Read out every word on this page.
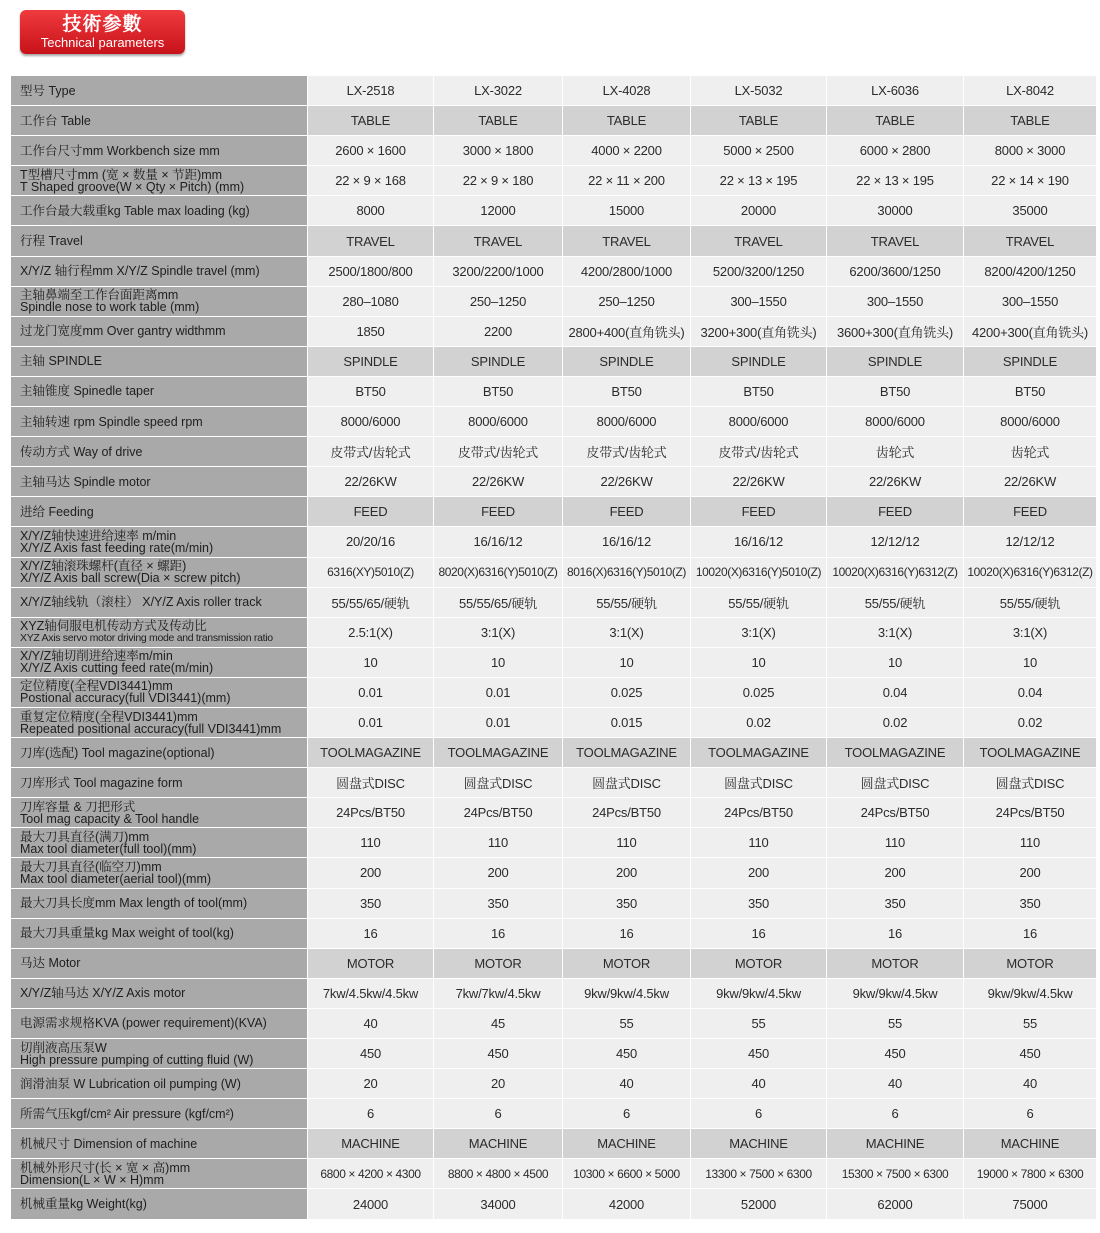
技術参數
Technical parameters
型号 Type	LX-2518	LX-3022	LX-4028	LX-5032	LX-6036	LX-8042

工作台 Table	TABLE	TABLE	TABLE	TABLE	TABLE	TABLE

工作台尺寸mm Workbench size mm	2600 × 1600	3000 × 1800	4000 × 2200	5000 × 2500	6000 × 2800	8000 × 3000

T型槽尺寸mm (宽 × 数量 × 节距)mm
T Shaped groove(W × Qty × Pitch) (mm)	22 × 9 × 168	22 × 9 × 180	22 × 11 × 200	22 × 13 × 195	22 × 13 × 195	22 × 14 × 190

工作台最大载重kg Table max loading (kg)	8000	12000	15000	20000	30000	35000

行程 Travel	TRAVEL	TRAVEL	TRAVEL	TRAVEL	TRAVEL	TRAVEL

X/Y/Z 轴行程mm X/Y/Z Spindle travel (mm)	2500/1800/800	3200/2200/1000	4200/2800/1000	5200/3200/1250	6200/3600/1250	8200/4200/1250

主轴鼻端至工作台面距离mm
Spindle nose to work table (mm)	280–1080	250–1250	250–1250	300–1550	300–1550	300–1550

过龙门宽度mm Over gantry widthmm	1850	2200	2800+400(直角铣头)	3200+300(直角铣头)	3600+300(直角铣头)	4200+300(直角铣头)

主轴 SPINDLE	SPINDLE	SPINDLE	SPINDLE	SPINDLE	SPINDLE	SPINDLE

主轴锥度 Spinedle taper	BT50	BT50	BT50	BT50	BT50	BT50

主轴转速 rpm Spindle speed rpm	8000/6000	8000/6000	8000/6000	8000/6000	8000/6000	8000/6000

传动方式 Way of drive	皮带式/齿轮式	皮带式/齿轮式	皮带式/齿轮式	皮带式/齿轮式	齿轮式	齿轮式

主轴马达 Spindle motor	22/26KW	22/26KW	22/26KW	22/26KW	22/26KW	22/26KW

进给 Feeding	FEED	FEED	FEED	FEED	FEED	FEED

X/Y/Z轴快速进给速率 m/min
X/Y/Z Axis fast feeding rate(m/min)	20/20/16	16/16/12	16/16/12	16/16/12	12/12/12	12/12/12

X/Y/Z轴滚珠螺杆(直径 × 螺距)
X/Y/Z Axis ball screw(Dia × screw pitch)	6316(XY)5010(Z)	8020(X)6316(Y)5010(Z)	8016(X)6316(Y)5010(Z)	10020(X)6316(Y)5010(Z)	10020(X)6316(Y)6312(Z)	10020(X)6316(Y)6312(Z)

X/Y/Z轴线轨（滚柱） X/Y/Z Axis roller track	55/55/65/硬轨	55/55/65/硬轨	55/55/硬轨	55/55/硬轨	55/55/硬轨	55/55/硬轨

XYZ轴伺服电机传动方式及传动比
XYZ Axis servo motor driving mode and transmission ratio	2.5:1(X)	3:1(X)	3:1(X)	3:1(X)	3:1(X)	3:1(X)

X/Y/Z轴切削进给速率m/min
X/Y/Z Axis cutting feed rate(m/min)	10	10	10	10	10	10

定位精度(全程VDI3441)mm
Postional accuracy(full VDI3441)(mm)	0.01	0.01	0.025	0.025	0.04	0.04

重复定位精度(全程VDI3441)mm
Repeated positional accuracy(full VDI3441)mm	0.01	0.01	0.015	0.02	0.02	0.02

刀库(选配) Tool magazine(optional)	TOOLMAGAZINE	TOOLMAGAZINE	TOOLMAGAZINE	TOOLMAGAZINE	TOOLMAGAZINE	TOOLMAGAZINE

刀库形式 Tool magazine form	圆盘式DISC	圆盘式DISC	圆盘式DISC	圆盘式DISC	圆盘式DISC	圆盘式DISC

刀库容量 & 刀把形式
Tool mag capacity & Tool handle	24Pcs/BT50	24Pcs/BT50	24Pcs/BT50	24Pcs/BT50	24Pcs/BT50	24Pcs/BT50

最大刀具直径(满刀)mm
Max tool diameter(full tool)(mm)	110	110	110	110	110	110

最大刀具直径(临空刀)mm
Max tool diameter(aerial tool)(mm)	200	200	200	200	200	200

最大刀具长度mm Max length of tool(mm)	350	350	350	350	350	350

最大刀具重量kg Max weight of tool(kg)	16	16	16	16	16	16

马达 Motor	MOTOR	MOTOR	MOTOR	MOTOR	MOTOR	MOTOR

X/Y/Z轴马达 X/Y/Z Axis motor	7kw/4.5kw/4.5kw	7kw/7kw/4.5kw	9kw/9kw/4.5kw	9kw/9kw/4.5kw	9kw/9kw/4.5kw	9kw/9kw/4.5kw

电源需求规格KVA (power requirement)(KVA)	40	45	55	55	55	55

切削液高压泵W
High pressure pumping of cutting fluid (W)	450	450	450	450	450	450

润滑油泵 W Lubrication oil pumping (W)	20	20	40	40	40	40

所需气压kgf/cm² Air pressure (kgf/cm²)	6	6	6	6	6	6

机械尺寸 Dimension of machine	MACHINE	MACHINE	MACHINE	MACHINE	MACHINE	MACHINE

机械外形尺寸(长 × 宽 × 高)mm
Dimension(L × W × H)mm	6800 × 4200 × 4300	8800 × 4800 × 4500	10300 × 6600 × 5000	13300 × 7500 × 6300	15300 × 7500 × 6300	19000 × 7800 × 6300

机械重量kg Weight(kg)	24000	34000	42000	52000	62000	75000
